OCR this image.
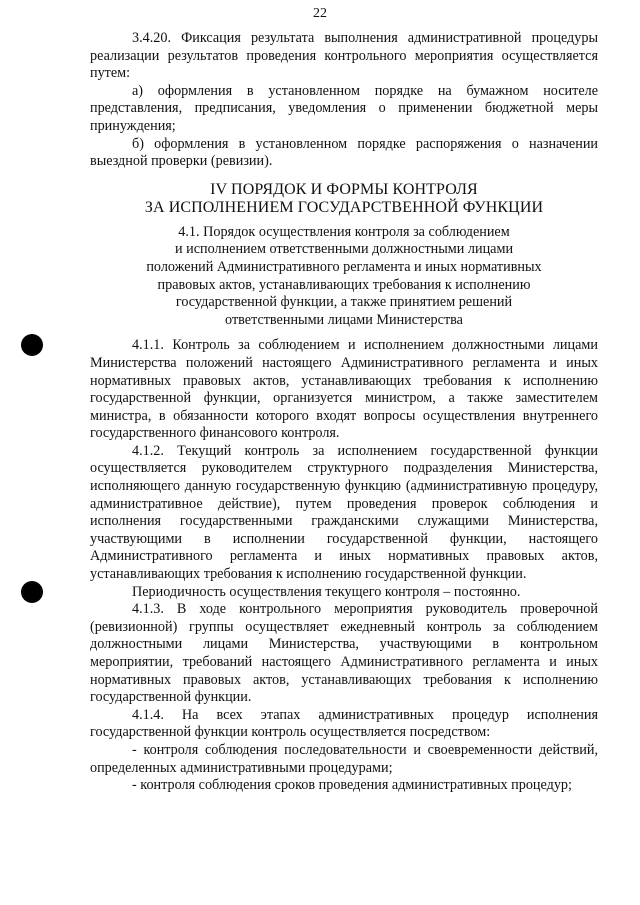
22

3.4.20. Фиксация результата выполнения административной процедуры реализации результатов проведения контрольного мероприятия осуществляется путем:

а) оформления в установленном порядке на бумажном носителе представления, предписания, уведомления о применении бюджетной меры принуждения;

б) оформления в установленном порядке распоряжения о назначении выездной проверки (ревизии).

IV ПОРЯДОК И ФОРМЫ КОНТРОЛЯ
ЗА ИСПОЛНЕНИЕМ ГОСУДАРСТВЕННОЙ ФУНКЦИИ
4.1. Порядок осуществления контроля за соблюдением
и исполнением ответственными должностными лицами
положений Административного регламента и иных нормативных
правовых актов, устанавливающих требования к исполнению
государственной функции, а также принятием решений
ответственными лицами Министерства

4.1.1. Контроль за соблюдением и исполнением должностными лицами Министерства положений настоящего Административного регламента и иных нормативных правовых актов, устанавливающих требования к исполнению государственной функции, организуется министром, а также заместителем министра, в обязанности которого входят вопросы осуществления внутреннего государственного финансового контроля.

4.1.2. Текущий контроль за исполнением государственной функции осуществляется руководителем структурного подразделения Министерства, исполняющего данную государственную функцию (административную процедуру, административное действие), путем проведения проверок соблюдения и исполнения государственными гражданскими служащими Министерства, участвующими в исполнении государственной функции, настоящего Административного регламента и иных нормативных правовых актов, устанавливающих требования к исполнению государственной функции.

Периодичность осуществления текущего контроля – постоянно.

4.1.3. В ходе контрольного мероприятия руководитель проверочной (ревизионной) группы осуществляет ежедневный контроль за соблюдением должностными лицами Министерства, участвующими в контрольном мероприятии, требований настоящего Административного регламента и иных нормативных правовых актов, устанавливающих требования к исполнению государственной функции.

4.1.4. На всех этапах административных процедур исполнения государственной функции контроль осуществляется посредством:

- контроля соблюдения последовательности и своевременности действий, определенных административными процедурами;

- контроля соблюдения сроков проведения административных процедур;
